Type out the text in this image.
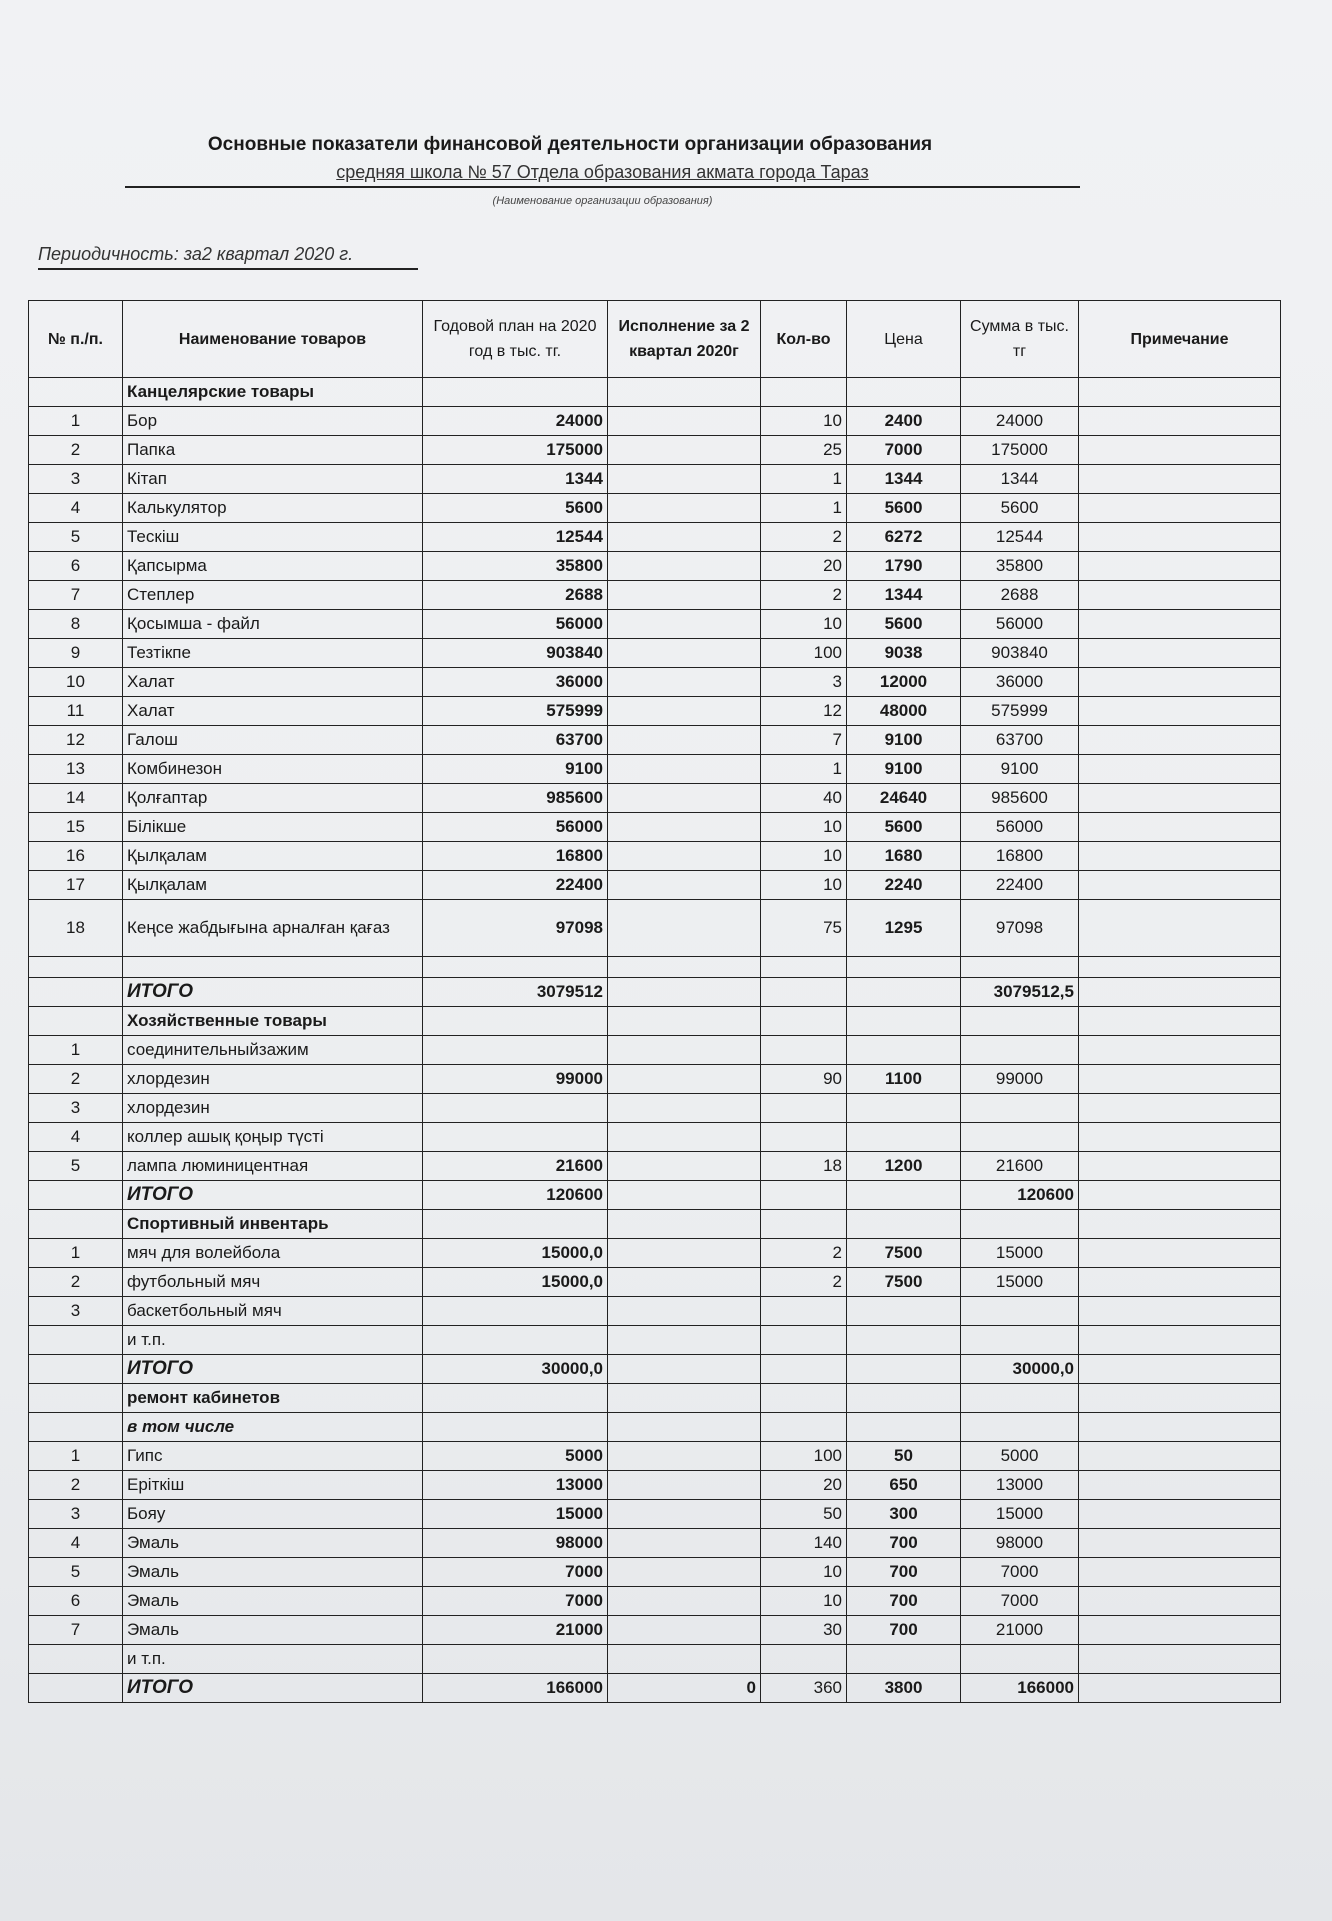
Основные показатели финансовой деятельности организации образования
средняя школа № 57 Отдела образования акмата города Тараз
(Наименование организации образования)
Периодичность: за2 квартал 2020 г.
№ п./п.	Наименование товаров	Годовой план на 2020 год в тыс. тг.	Исполнение за 2 квартал 2020г	Кол-во	Цена	Сумма в тыс. тг	Примечание
	Канцелярские товары						
1	Бор	24000		10	2400	24000	
2	Папка	175000		25	7000	175000	
3	Кітап	1344		1	1344	1344	
4	Калькулятор	5600		1	5600	5600	
5	Тескіш	12544		2	6272	12544	
6	Қапсырма	35800		20	1790	35800	
7	Степлер	2688		2	1344	2688	
8	Қосымша - файл	56000		10	5600	56000	
9	Тезтікпе	903840		100	9038	903840	
10	Халат	36000		3	12000	36000	
11	Халат	575999		12	48000	575999	
12	Галош	63700		7	9100	63700	
13	Комбинезон	9100		1	9100	9100	
14	Қолғаптар	985600		40	24640	985600	
15	Білікше	56000		10	5600	56000	
16	Қылқалам	16800		10	1680	16800	
17	Қылқалам	22400		10	2240	22400	
18	Кеңсе жабдығына арналған қағаз	97098		75	1295	97098	

	ИТОГО	3079512				3079512,5	
	Хозяйственные товары						
1	соединительныйзажим						
2	хлордезин	99000		90	1100	99000	
3	хлордезин						
4	коллер ашық қоңыр түсті						
5	лампа люминицентная	21600		18	1200	21600	
	ИТОГО	120600				120600	
	Спортивный инвентарь						
1	мяч для волейбола	15000,0		2	7500	15000	
2	футбольный мяч	15000,0		2	7500	15000	
3	баскетбольный мяч						
	и т.п.						
	ИТОГО	30000,0				30000,0	
	ремонт кабинетов						
	в том числе						
1	Гипс	5000		100	50	5000	
2	Еріткіш	13000		20	650	13000	
3	Бояу	15000		50	300	15000	
4	Эмаль	98000		140	700	98000	
5	Эмаль	7000		10	700	7000	
6	Эмаль	7000		10	700	7000	
7	Эмаль	21000		30	700	21000	
	и т.п.						
	ИТОГО	166000	0	360	3800	166000	
